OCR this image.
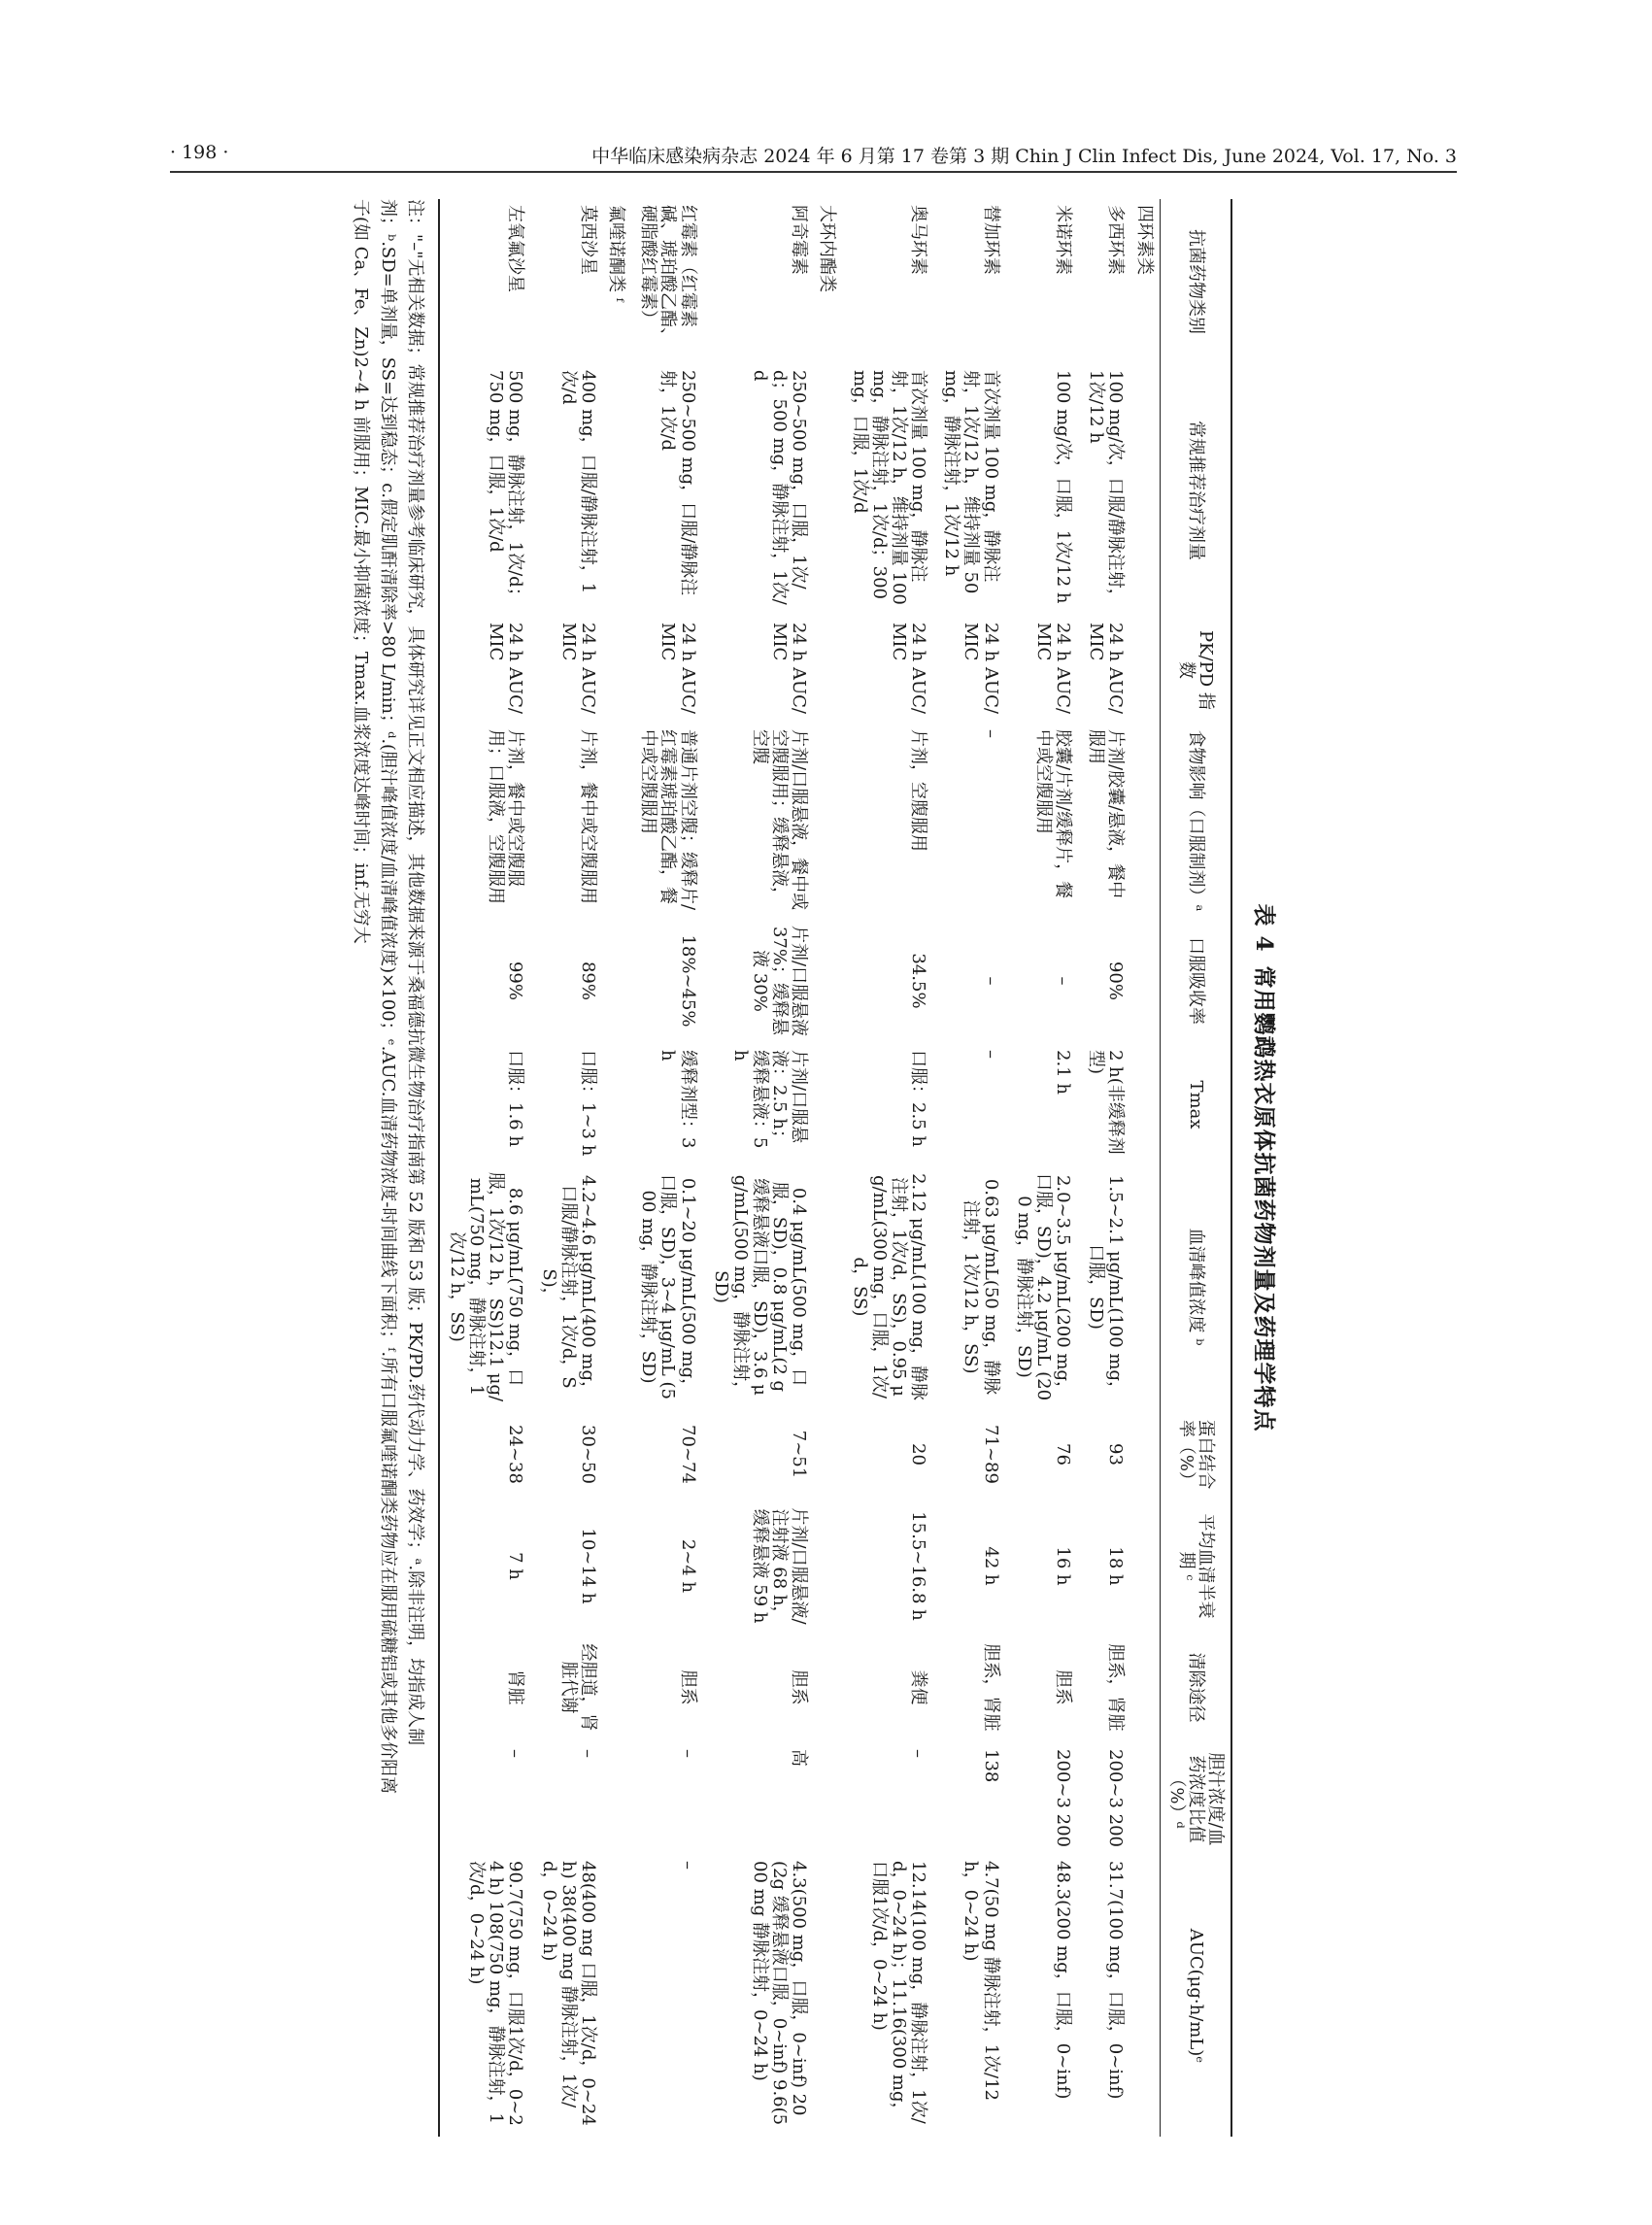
· 198 ·	中华临床感染病杂志 2024 年 6 月第 17 卷第 3 期 Chin J Clin Infect Dis, June 2024, Vol. 17, No. 3
表 4常用鹦鹉热衣原体抗菌药物剂量及药理学特点
抗菌药物类别	常规推荐治疗剂量	PK/PD 指数	食物影响（口服制剂）ᵃ	口服吸收率	Tmax	血清峰值浓度 ᵇ	蛋白结合率（%）	平均血清半衰期 ᶜ	清除途径	胆汁浓度/血药浓度比值（%）ᵈ	AUC(μg·h/mL)ᵉ
四环素类											
多西环素	100 mg/次，口服/静脉注射，1次/12 h	24 h AUC/MIC	片剂/胶囊/悬液，餐中服用	90%	2 h(非缓释剂型)	1.5~2.1 μg/mL(100 mg，口服，SD)	93	18 h	胆系，肾脏	200~3 200	31.7(100 mg，口服，0~inf)
米诺环素	100 mg/次，口服，1次/12 h	24 h AUC/MIC	胶囊/片剂/缓释片，餐中或空腹服用	–	2.1 h	2.0~3.5 μg/mL(200 mg，口服，SD)，4.2 μg/mL (200 mg，静脉注射，SD)	76	16 h	胆系	200~3 200	48.3(200 mg，口服，0~inf)
替加环素	首次剂量 100 mg，静脉注射，1次/12 h，维持剂量 50 mg，静脉注射，1次/12 h	24 h AUC/MIC	–	–	–	0.63 μg/mL(50 mg，静脉注射，1次/12 h，SS)	71~89	42 h	胆系，肾脏	138	4.7(50 mg 静脉注射，1次/12 h，0~24 h)
奥马环素	首次剂量 100 mg，静脉注射，1次/12 h，维持剂量 100 mg，静脉注射，1次/d；300 mg，口服，1次/d	24 h AUC/MIC	片剂，空腹服用	34.5%	口服：2.5 h	2.12 μg/mL(100 mg，静脉注射，1次/d，SS)，0.95 μg/mL(300 mg，口服，1次/d，SS)	20	15.5~16.8 h	粪便	–	12.14(100 mg，静脉注射，1次/d，0~24 h)；11.16(300 mg，口服1次/d，0~24 h)
大环内酯类											
阿奇霉素	250~500 mg，口服，1次/d；500 mg，静脉注射，1次/d	24 h AUC/MIC	片剂/口服悬液，餐中或空腹服用；缓释悬液，空腹	片剂/口服悬液 37%；缓释悬液 30%	片剂/口服悬液：2.5 h；缓释悬液：5 h	0.4 μg/mL(500 mg，口服，SD)，0.8 μg/mL(2 g 缓释悬液口服，SD)，3.6 μg/mL(500 mg，静脉注射，SD)	7~51	片剂/口服悬液/注射液 68 h，缓释悬液 59 h	胆系	高	4.3(500 mg，口服，0~inf) 20(2g 缓释悬液口服，0~inf) 9.6(500 mg 静脉注射，0~24 h)
红霉素（红霉素碱、琥珀酸乙酯、硬脂酸红霉素）	250~500 mg，口服/静脉注射，1次/d	24 h AUC/MIC	普通片剂空腹；缓释片/红霉素琥珀酸乙酯，餐中或空腹服用	18%~45%	缓释剂型：3 h	0.1~20 μg/mL(500 mg，口服，SD)，3~4 μg/mL (500 mg，静脉注射，SD)	70~74	2~4 h	胆系	–	–
氟喹诺酮类 ᶠ											
莫西沙星	400 mg，口服/静脉注射，1次/d	24 h AUC/MIC	片剂，餐中或空腹服用	89%	口服：1~3 h	4.2~4.6 μg/mL(400 mg，口服/静脉注射，1次/d，SS)，	30~50	10~14 h	经胆道，肾脏代谢	–	48(400 mg 口服，1次/d，0~24 h) 38(400 mg 静脉注射，1次/d，0~24 h)
左氧氟沙星	500 mg，静脉注射，1次/d；750 mg，口服，1次/d	24 h AUC/MIC	片剂，餐中或空腹服用；口服液，空腹服用	99%	口服：1.6 h	8.6 μg/mL(750 mg，口服，1次/12 h，SS)12.1 μg/mL(750 mg，静脉注射，1次/12 h，SS)	24~38	7 h	肾脏	–	90.7(750 mg，口服1次/d，0~24 h) 108(750 mg，静脉注射，1次/d，0~24 h)
注："–"无相关数据；常规推荐治疗剂量参考临床研究，具体研究详见正文相应描述，其他数据来源于桑福德抗微生物治疗指南第 52 版和 53 版；PK/PD.药代动力学、药效学；ᵃ.除非注明，均指成人制
剂；ᵇ.SD=单剂量，SS=达到稳态；c.假定肌酐清除率>80 L/min；ᵈ.(胆汁峰值浓度/血清峰值浓度)×100；ᵉ.AUC.血清药物浓度-时间曲线下面积；ᶠ.所有口服氟喹诺酮类药物应在服用硫糖铝或其他多价阳离
子(如 Ca、Fe、Zn)2~4 h 前服用；MIC.最小抑菌浓度；Tmax.血浆浓度达峰时间；inf.无穷大
